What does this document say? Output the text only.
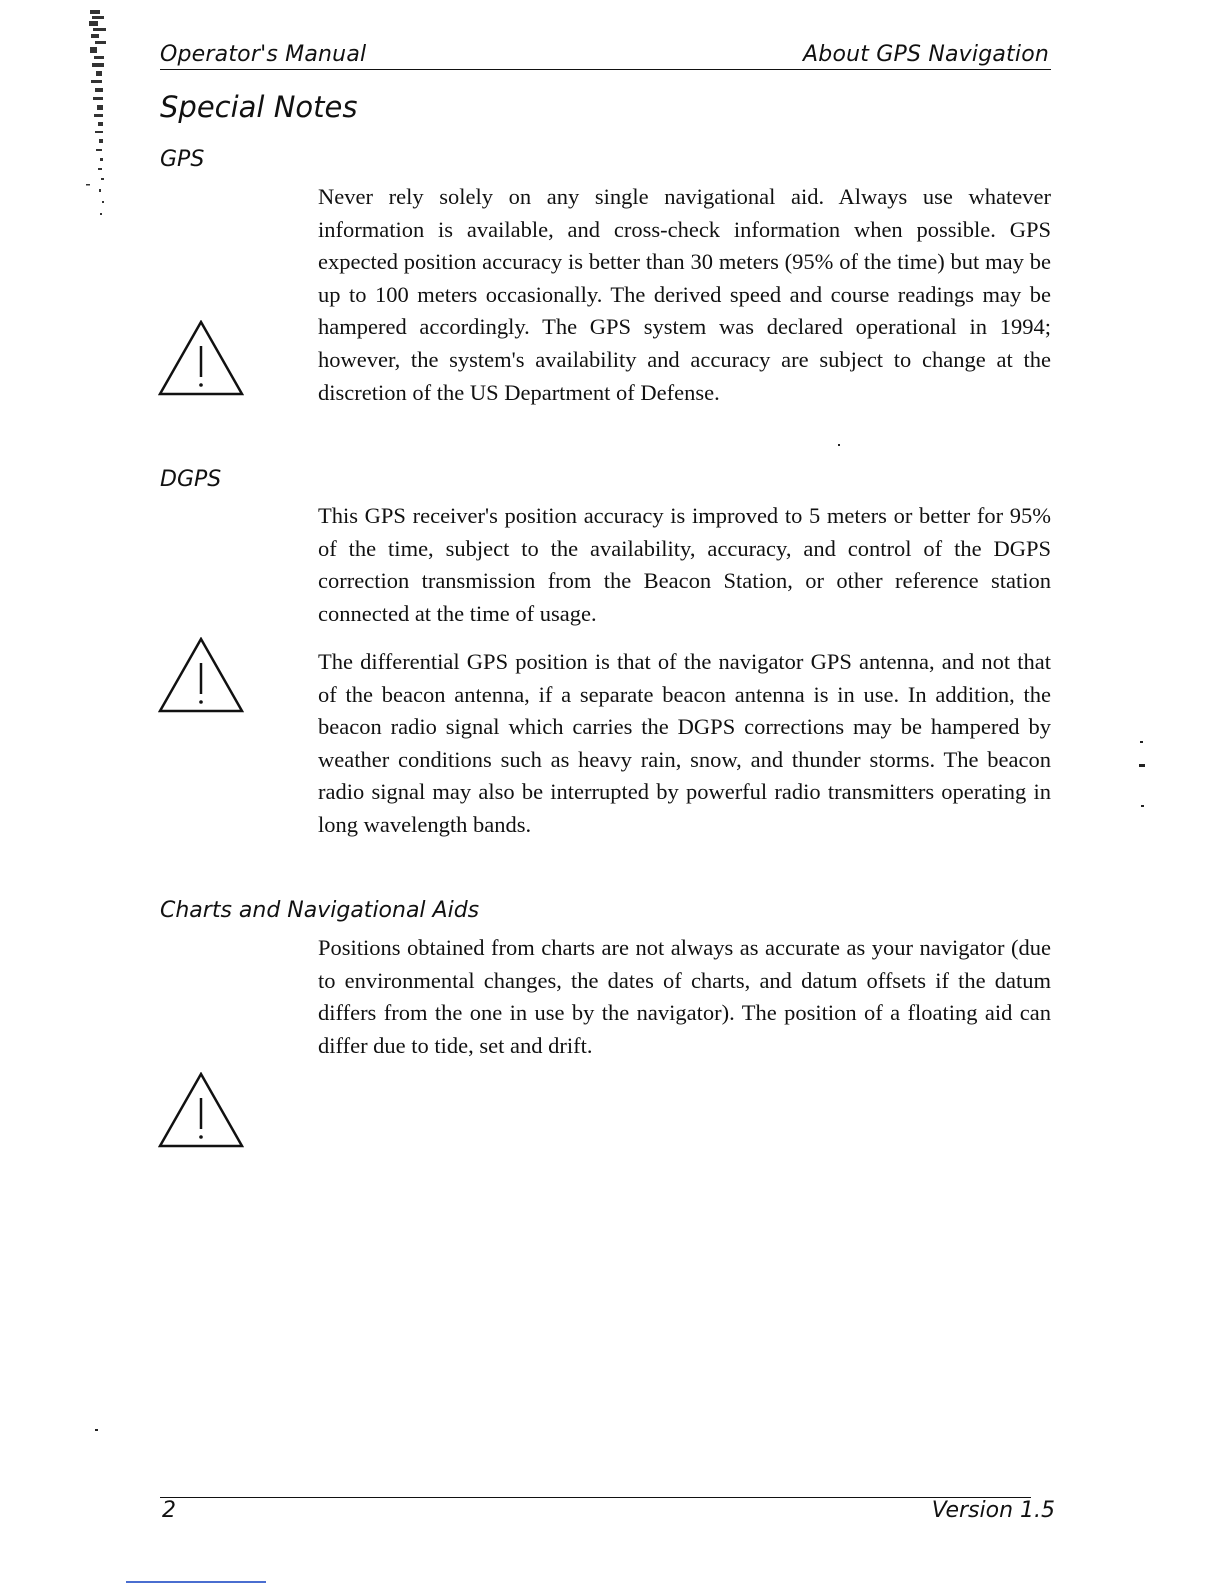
Operator's Manual	About GPS Navigation
Special Notes
GPS

Never rely solely on any single navigational aid. Always use whatever information is available, and cross-check information when possible. GPS expected position accuracy is better than 30 meters (95% of the time) but may be up to 100 meters occasionally. The derived speed and course readings may be hampered accordingly. The GPS system was declared operational in 1994; however, the system's availability and accuracy are subject to change at the discretion of the US Department of Defense.

DGPS

This GPS receiver's position accuracy is improved to 5 meters or better for 95% of the time, subject to the availability, accuracy, and control of the DGPS correction transmission from the Beacon Station, or other reference station connected at the time of usage.

The differential GPS position is that of the navigator GPS antenna, and not that of the beacon antenna, if a separate beacon antenna is in use. In addition, the beacon radio signal which carries the DGPS corrections may be hampered by weather conditions such as heavy rain, snow, and thunder storms. The beacon radio signal may also be interrupted by powerful radio transmitters operating in long wavelength bands.

Charts and Navigational Aids

Positions obtained from charts are not always as accurate as your navigator (due to environmental changes, the dates of charts, and datum offsets if the datum differs from the one in use by the navigator). The position of a floating aid can differ due to tide, set and drift.

2	Version 1.5
